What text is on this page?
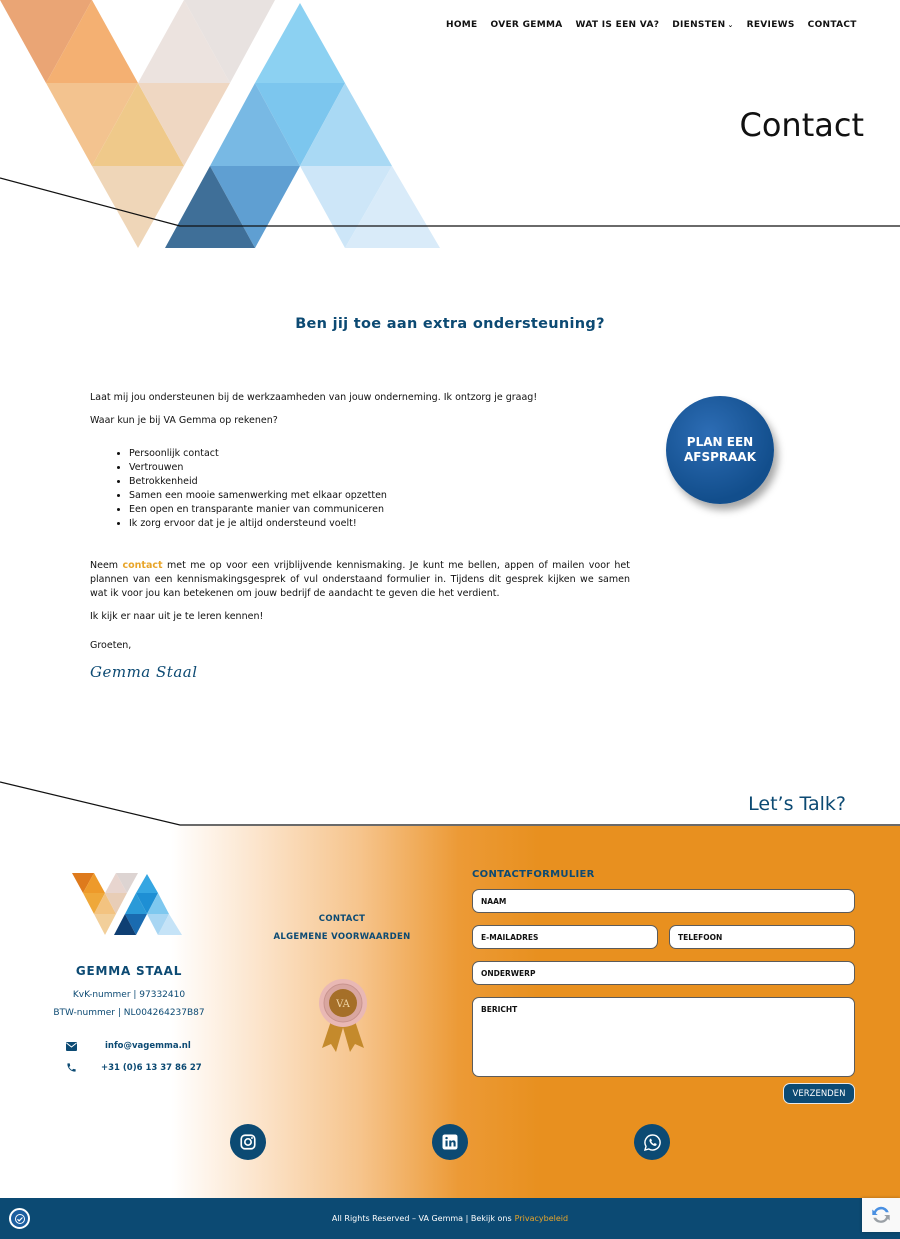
HOME OVER GEMMA WAT IS EEN VA? DIENSTEN ⌄ REVIEWS CONTACT
Contact
Ben jij toe aan extra ondersteuning?

Laat mij jou ondersteunen bij de werkzaamheden van jouw onderneming. Ik ontzorg je graag!

Waar kun je bij VA Gemma op rekenen?

• Persoonlijk contact
• Vertrouwen
• Betrokkenheid
• Samen een mooie samenwerking met elkaar opzetten
• Een open en transparante manier van communiceren
• Ik zorg ervoor dat je je altijd ondersteund voelt!

Neem contact met me op voor een vrijblijvende kennismaking. Je kunt me bellen, appen of mailen voor het plannen van een kennismakingsgesprek of vul onderstaand formulier in. Tijdens dit gesprek kijken we samen wat ik voor jou kan betekenen om jouw bedrijf de aandacht te geven die het verdient.

Ik kijk er naar uit je te leren kennen!

Groeten,

Gemma Staal
PLAN EEN
AFSPRAAK
Let’s Talk?
GEMMA STAAL
KvK-nummer | 97332410
BTW-nummer | NL004264237B87
info@vagemma.nl
+31 (0)6 13 37 86 27
CONTACT
ALGEMENE VOORWAARDEN
VA
CONTACTFORMULIER
NAAM
E-MAILADRES	TELEFOON
ONDERWERP
BERICHT
VERZENDEN
All Rights Reserved – VA Gemma | Bekijk ons Privacybeleid
